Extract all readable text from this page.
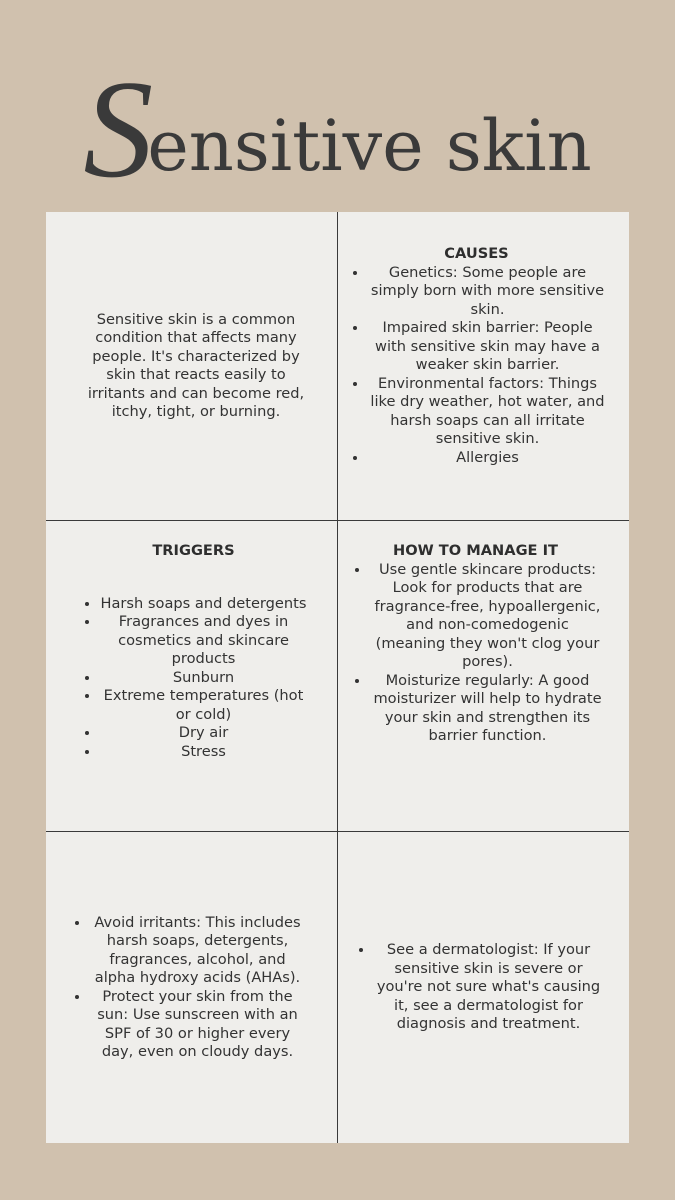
Sensitive skin

Sensitive skin is a common condition that affects many people. It's characterized by skin that reacts easily to irritants and can become red, itchy, tight, or burning.

CAUSES
• Genetics: Some people are simply born with more sensitive skin.
• Impaired skin barrier: People with sensitive skin may have a weaker skin barrier.
• Environmental factors: Things like dry weather, hot water, and harsh soaps can all irritate sensitive skin.
• Allergies
TRIGGERS
• Harsh soaps and detergents
• Fragrances and dyes in cosmetics and skincare products
• Sunburn
• Extreme temperatures (hot or cold)
• Dry air
• Stress
HOW TO MANAGE IT
• Use gentle skincare products: Look for products that are fragrance-free, hypoallergenic, and non-comedogenic (meaning they won't clog your pores).
• Moisturize regularly: A good moisturizer will help to hydrate your skin and strengthen its barrier function.
• Avoid irritants: This includes harsh soaps, detergents, fragrances, alcohol, and alpha hydroxy acids (AHAs).
• Protect your skin from the sun: Use sunscreen with an SPF of 30 or higher every day, even on cloudy days.
• See a dermatologist: If your sensitive skin is severe or you're not sure what's causing it, see a dermatologist for diagnosis and treatment.
